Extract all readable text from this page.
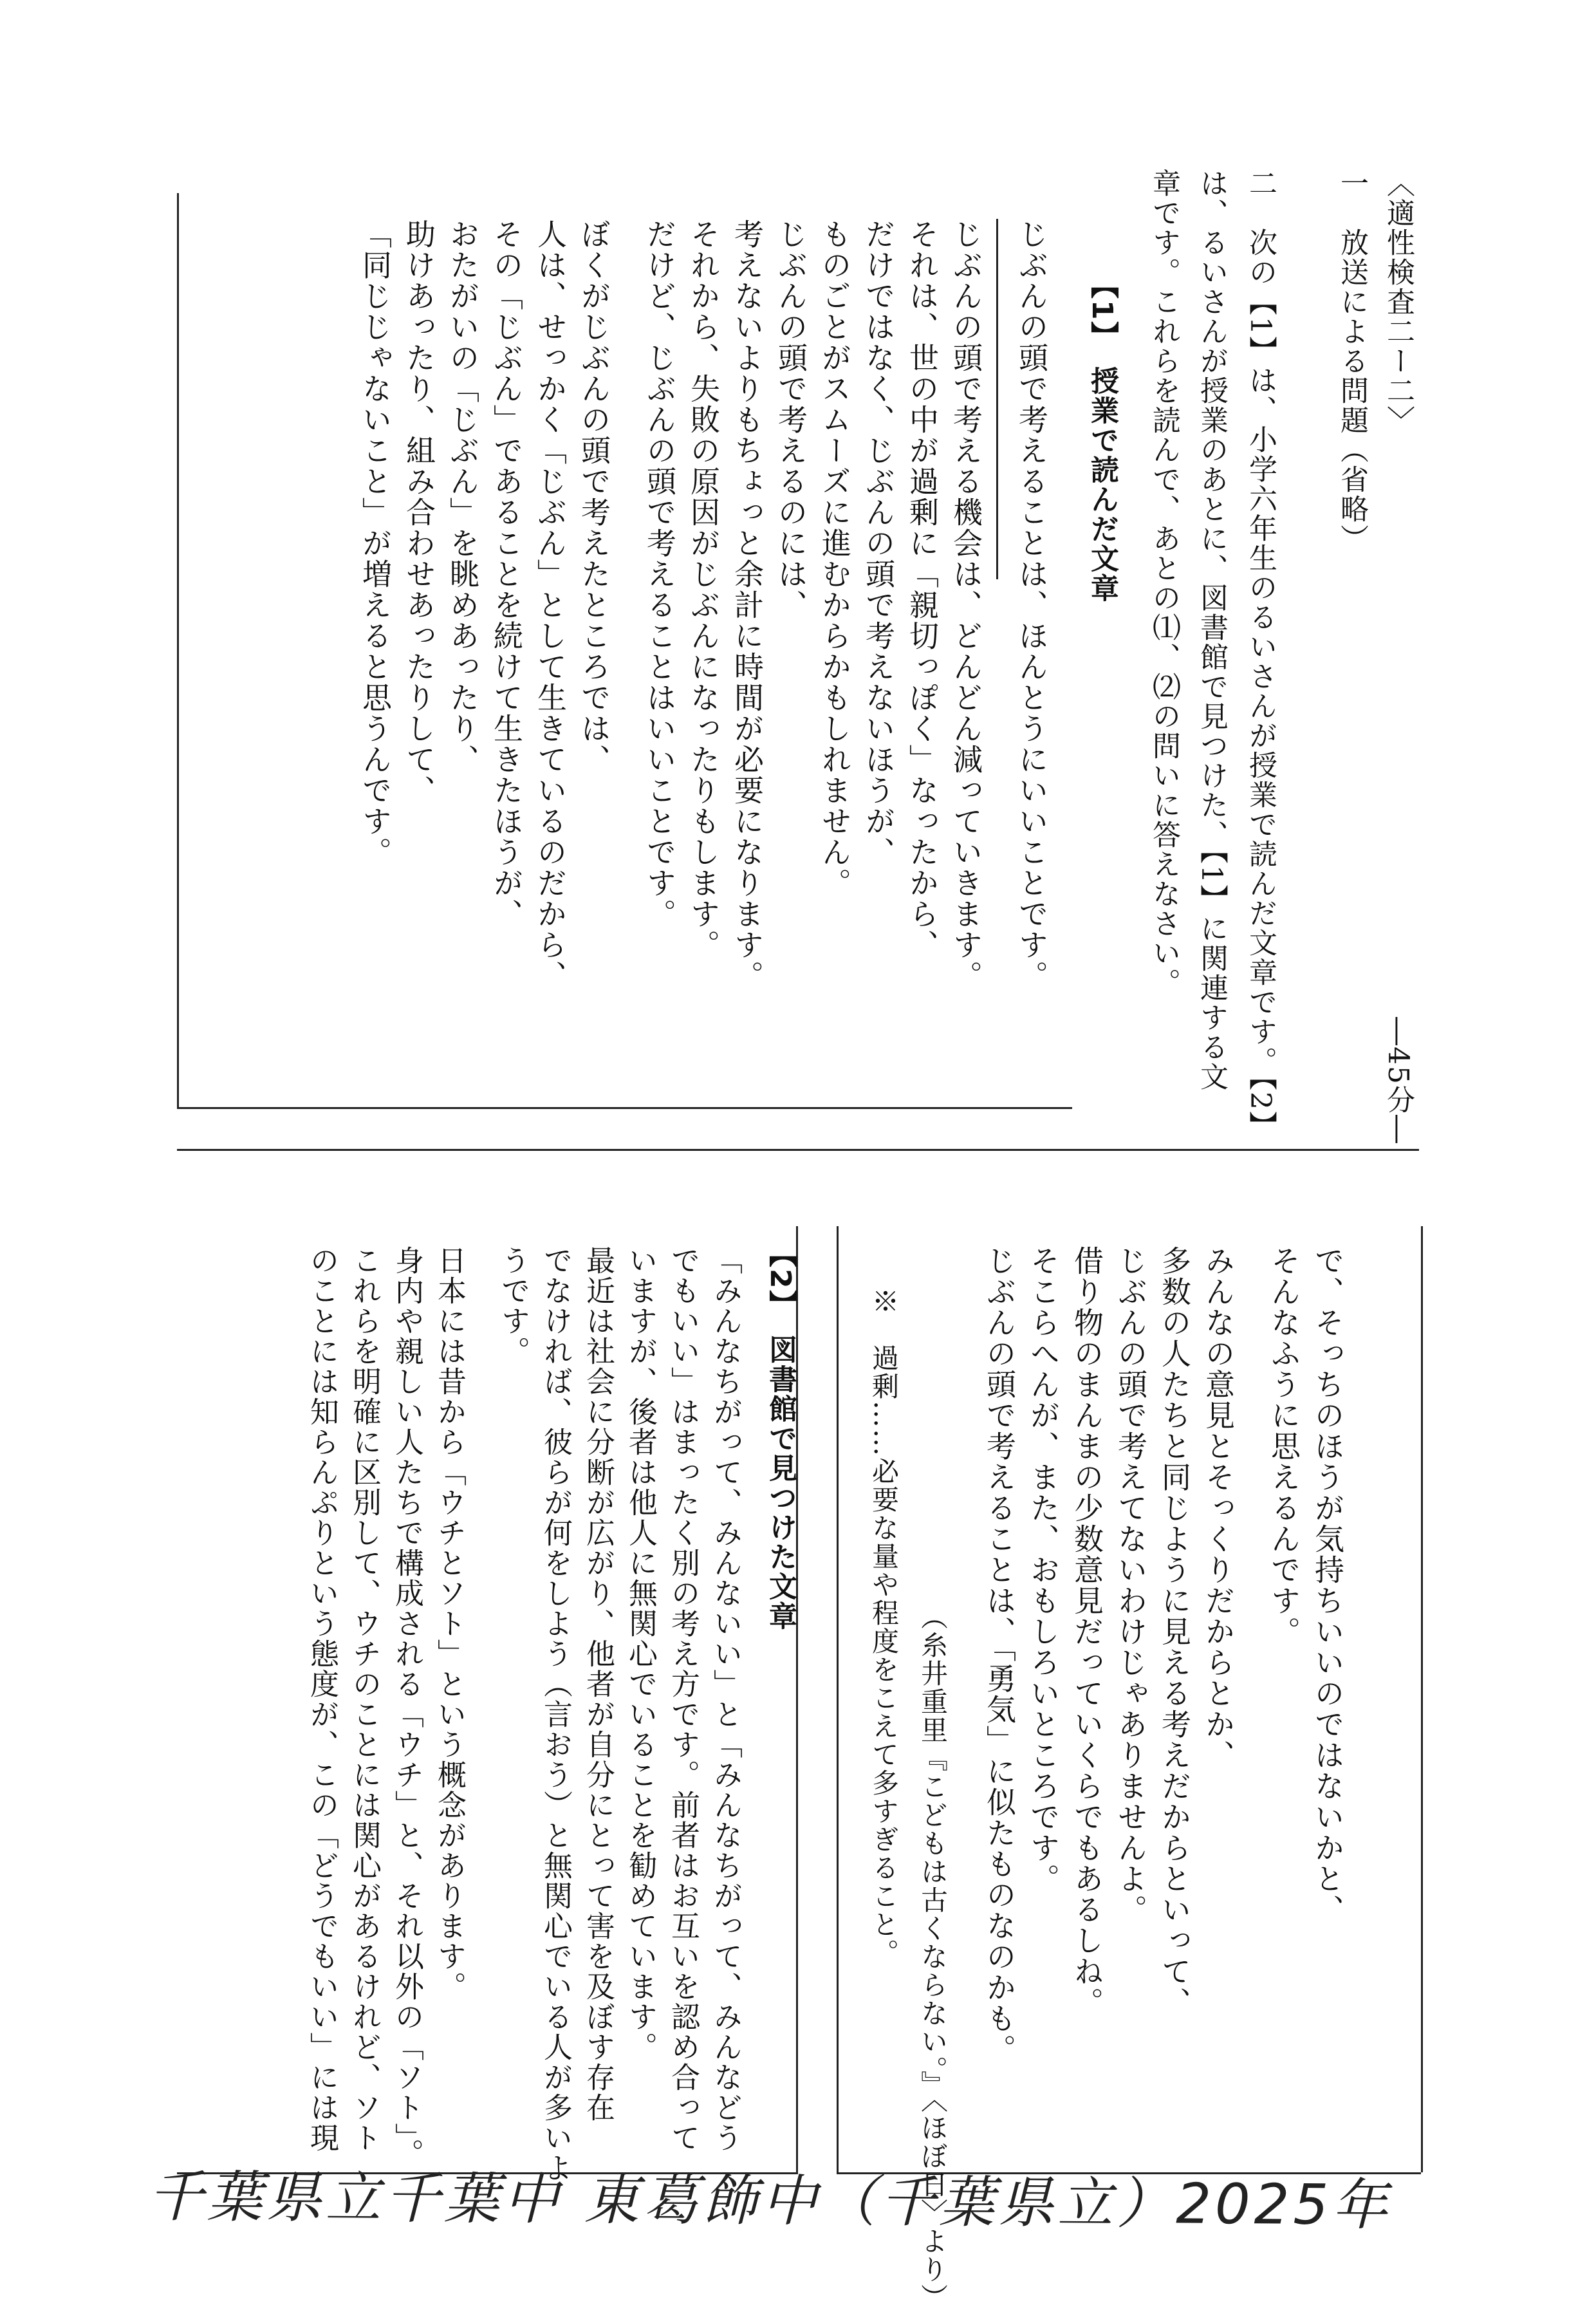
〈適性検査二ー二〉
一　放送による問題（省略）
二　次の【1】は、小学六年生のるいさんが授業で読んだ文章です。【2】
は、るいさんが授業のあとに、図書館で見つけた、【1】に関連する文
章です。これらを読んで、あとの⑴、⑵の問いに答えなさい。
―45分―
【1】　授業で読んだ文章
じぶんの頭で考えることは、ほんとうにいいことです。
じぶんの頭で考える機会は、どんどん減っていきます。
それは、世の中が過剰に「親切っぽく」なったから、
だけではなく、じぶんの頭で考えないほうが、
ものごとがスムーズに進むからかもしれません。
じぶんの頭で考えるのには、
考えないよりもちょっと余計に時間が必要になります。
それから、失敗の原因がじぶんになったりもします。
だけど、じぶんの頭で考えることはいいことです。
ぼくがじぶんの頭で考えたところでは、
人は、せっかく「じぶん」として生きているのだから、
その「じぶん」であることを続けて生きたほうが、
おたがいの「じぶん」を眺めあったり、
助けあったり、組み合わせあったりして、
「同じじゃないこと」が増えると思うんです。
で、そっちのほうが気持ちいいのではないかと、
そんなふうに思えるんです。
みんなの意見とそっくりだからとか、
多数の人たちと同じように見える考えだからといって、
じぶんの頭で考えてないわけじゃありませんよ。
借り物のまんまの少数意見だっていくらでもあるしね。
そこらへんが、また、おもしろいところです。
じぶんの頭で考えることは、「勇気」に似たものなのかも。
（糸井重里『こどもは古くならない。』〈ほぼ日〉より）
※　過剰……必要な量や程度をこえて多すぎること。
【2】　図書館で見つけた文章
「みんなちがって、みんないい」と「みんなちがって、みんなどう
でもいい」はまったく別の考え方です。前者はお互いを認め合って
いますが、後者は他人に無関心でいることを勧めています。
最近は社会に分断が広がり、他者が自分にとって害を及ぼす存在
でなければ、彼らが何をしよう（言おう）と無関心でいる人が多いよ
うです。
日本には昔から「ウチとソト」という概念があります。
身内や親しい人たちで構成される「ウチ」と、それ以外の「ソト」。
これらを明確に区別して、ウチのことには関心があるけれど、ソト
のことには知らんぷりという態度が、この「どうでもいい」には現
千葉県立千葉中 東葛飾中（千葉県立）2025年
